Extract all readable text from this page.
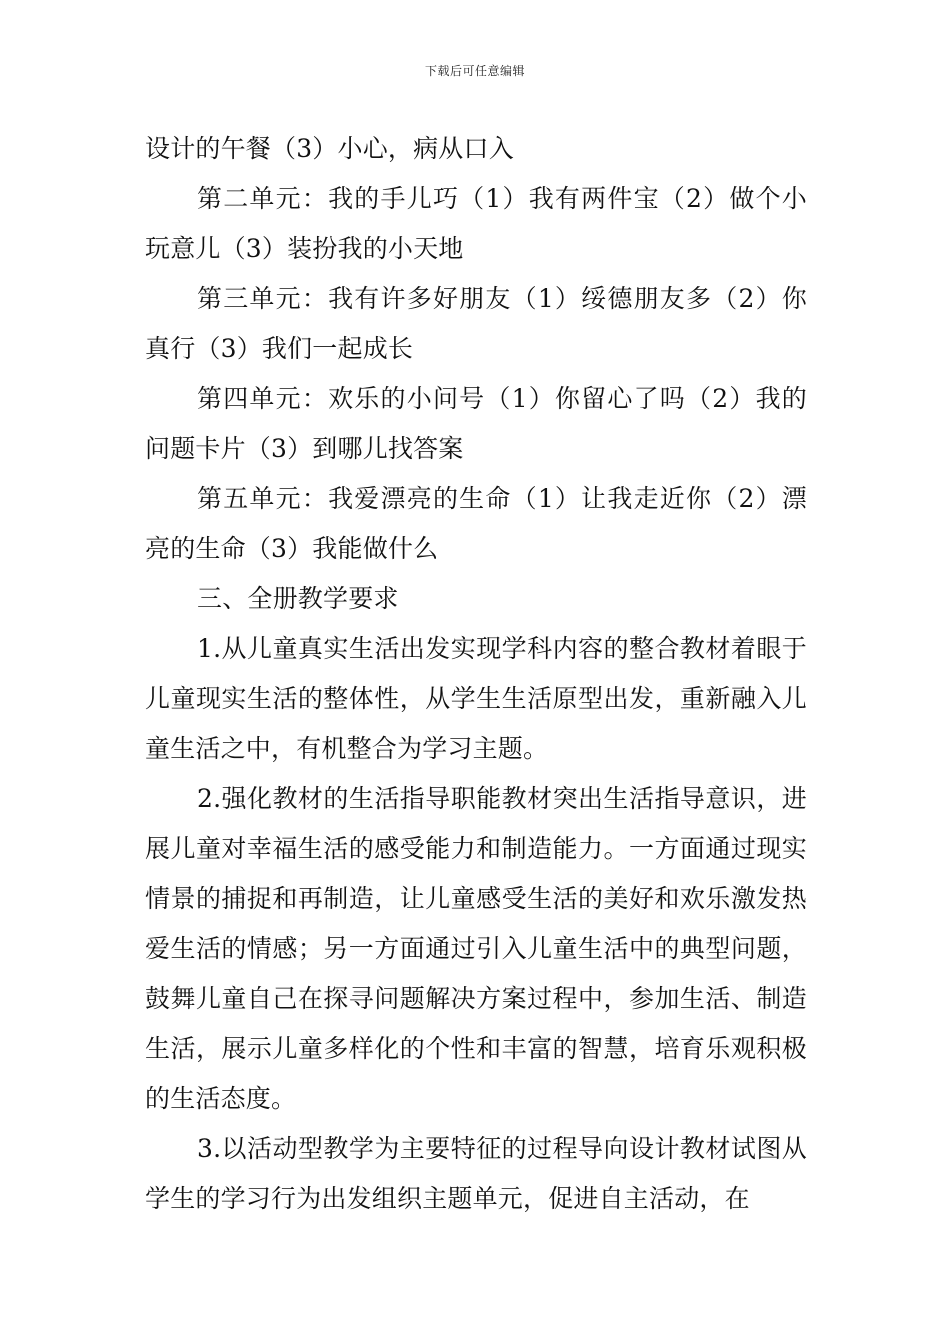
下载后可任意编辑

设计的午餐（3）小心，病从口入

第二单元：我的手儿巧（1）我有两件宝（2）做个小玩意儿（3）装扮我的小天地

第三单元：我有许多好朋友（1）绥德朋友多（2）你真行（3）我们一起成长

第四单元：欢乐的小问号（1）你留心了吗（2）我的问题卡片（3）到哪儿找答案

第五单元：我爱漂亮的生命（1）让我走近你（2）漂亮的生命（3）我能做什么

三、全册教学要求

1.从儿童真实生活出发实现学科内容的整合教材着眼于儿童现实生活的整体性，从学生生活原型出发，重新融入儿童生活之中，有机整合为学习主题。

2.强化教材的生活指导职能教材突出生活指导意识，进展儿童对幸福生活的感受能力和制造能力。一方面通过现实情景的捕捉和再制造，让儿童感受生活的美好和欢乐激发热爱生活的情感；另一方面通过引入儿童生活中的典型问题，鼓舞儿童自己在探寻问题解决方案过程中，参加生活、制造生活，展示儿童多样化的个性和丰富的智慧，培育乐观积极的生活态度。

3.以活动型教学为主要特征的过程导向设计教材试图从学生的学习行为出发组织主题单元，促进自主活动，在
